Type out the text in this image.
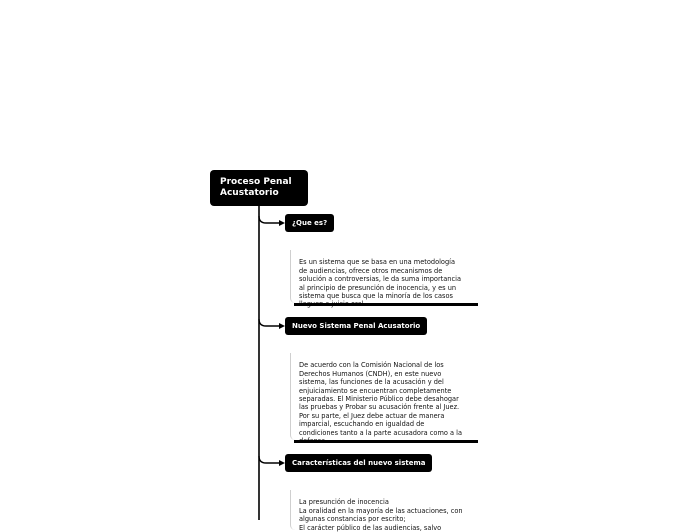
Proceso Penal Acustatorio
¿Que es?

Es un sistema que se basa en una metodología
de audiencias, ofrece otros mecanismos de
solución a controversias, le da suma importancia
al principio de presunción de inocencia, y es un
sistema que busca que la minoría de los casos

Nuevo Sistema Penal Acusatorio

De acuerdo con la Comisión Nacional de los
Derechos Humanos (CNDH), en este nuevo
sistema, las funciones de la acusación y del
enjuiciamiento se encuentran completamente
separadas. El Ministerio Público debe desahogar
las pruebas y Probar su acusación frente al Juez.
Por su parte, el Juez debe actuar de manera
imparcial, escuchando en igualdad de
condiciones tanto a la parte acusadora como a la

Características del nuevo sistema

La presunción de inocencia
La oralidad en la mayoría de las actuaciones, con
algunas constancias por escrito;
El carácter público de las audiencias, salvo
